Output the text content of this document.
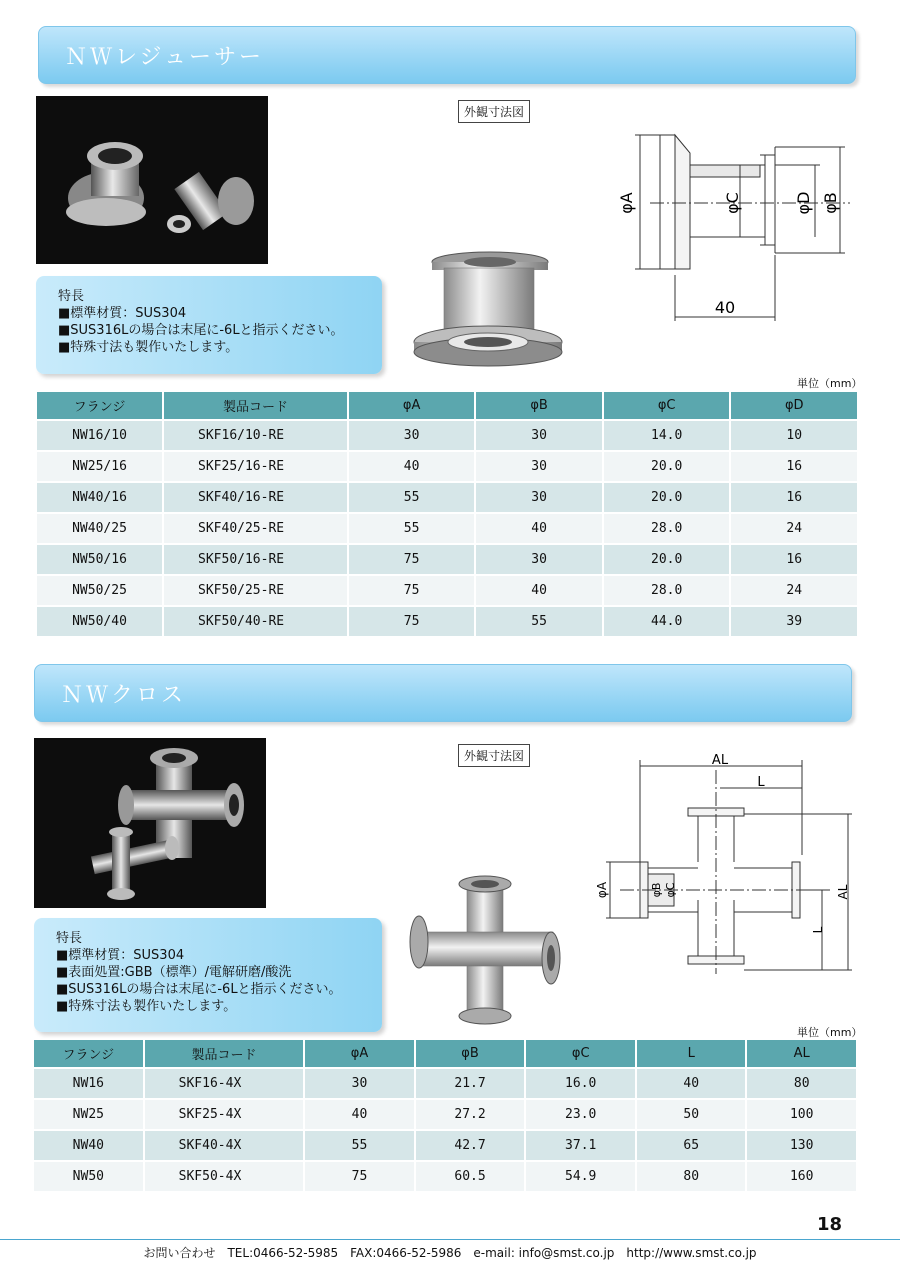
ＮＷレジューサー
外観寸法図
φA	φC	φD φB
40
特長
■標準材質：SUS304
■SUS316Lの場合は末尾に-6Lと指示ください。
■特殊寸法も製作いたします。
単位（mm）
フランジ	製品コード	φA	φB	φC	φD
NW16/10	SKF16/10-RE	30	30	14.0	10
NW25/16	SKF25/16-RE	40	30	20.0	16
NW40/16	SKF40/16-RE	55	30	20.0	16
NW40/25	SKF40/25-RE	55	40	28.0	24
NW50/16	SKF50/16-RE	75	30	20.0	16
NW50/25	SKF50/25-RE	75	40	28.0	24
NW50/40	SKF50/40-RE	75	55	44.0	39
ＮＷクロス
外観寸法図	AL
L
φA	φB φC
L
AL
特長
■標準材質：SUS304
■表面処置:GBB（標準）/電解研磨/酸洗
■SUS316Lの場合は末尾に-6Lと指示ください。
■特殊寸法も製作いたします。
単位（mm）
フランジ	製品コード	φA	φB	φC	L	AL
NW16	SKF16-4X	30	21.7	16.0	40	80
NW25	SKF25-4X	40	27.2	23.0	50	100
NW40	SKF40-4X	55	42.7	37.1	65	130
NW50	SKF50-4X	75	60.5	54.9	80	160
18
お問い合わせ　TEL:0466-52-5985　FAX:0466-52-5986　e-mail: info@smst.co.jp　http://www.smst.co.jp
